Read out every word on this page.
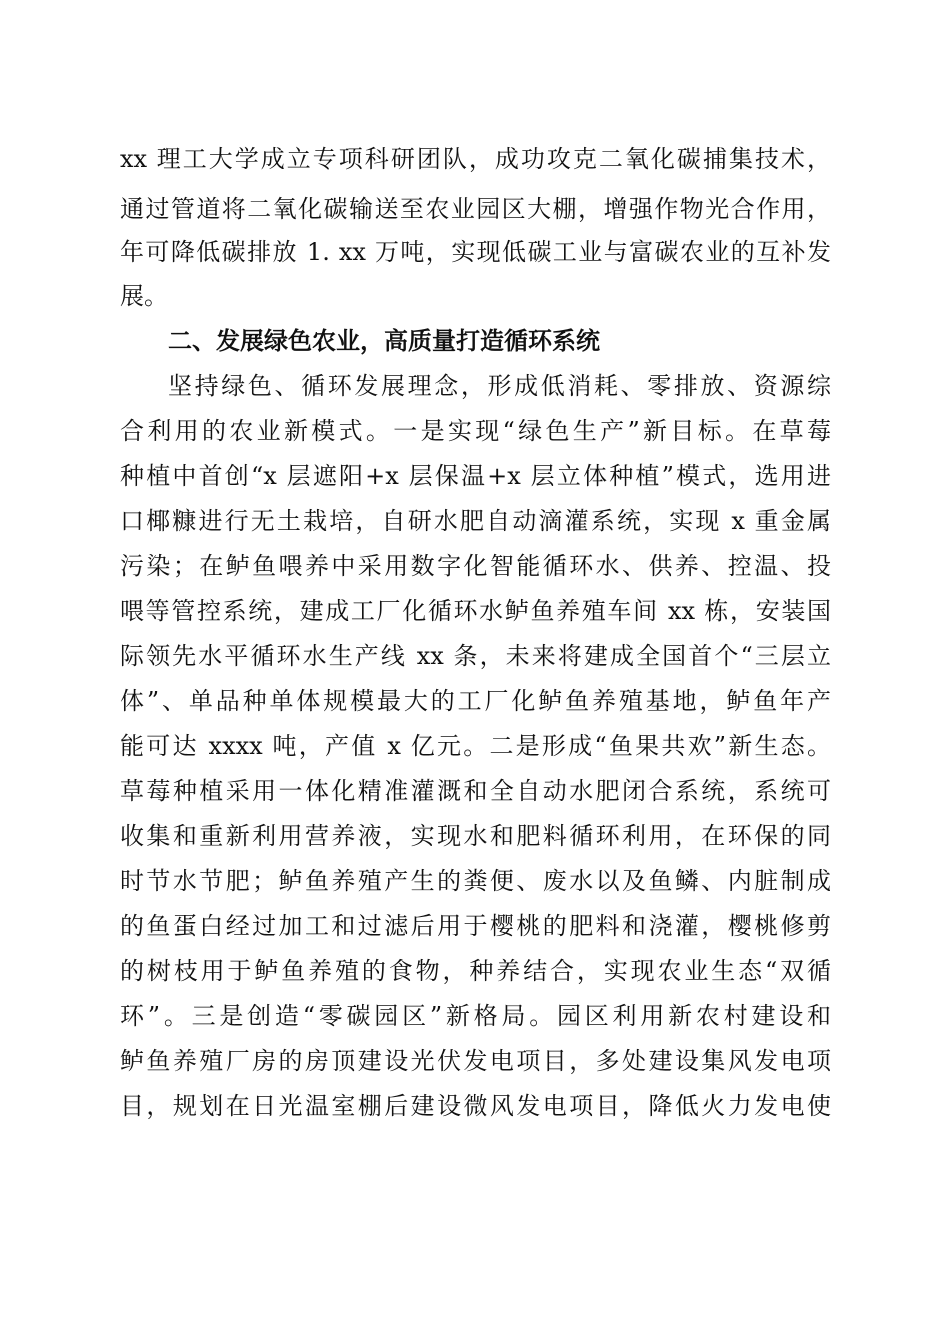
xx 理工大学成立专项科研团队，成功攻克二氧化碳捕集技术，
通过管道将二氧化碳输送至农业园区大棚，增强作物光合作用，
年可降低碳排放 1. xx 万吨，实现低碳工业与富碳农业的互补发
展。
二、发展绿色农业，高质量打造循环系统
坚持绿色、循环发展理念，形成低消耗、零排放、资源综
合利用的农业新模式。一是实现“绿色生产”新目标。在草莓
种植中首创“x 层遮阳+x 层保温+x 层立体种植”模式，选用进
口椰糠进行无土栽培，自研水肥自动滴灌系统，实现 x 重金属
污染；在鲈鱼喂养中采用数字化智能循环水、供养、控温、投
喂等管控系统，建成工厂化循环水鲈鱼养殖车间 xx 栋，安装国
际领先水平循环水生产线 xx 条，未来将建成全国首个“三层立
体”、单品种单体规模最大的工厂化鲈鱼养殖基地，鲈鱼年产
能可达 xxxx 吨，产值 x 亿元。二是形成“鱼果共欢”新生态。
草莓种植采用一体化精准灌溉和全自动水肥闭合系统，系统可
收集和重新利用营养液，实现水和肥料循环利用，在环保的同
时节水节肥；鲈鱼养殖产生的粪便、废水以及鱼鳞、内脏制成
的鱼蛋白经过加工和过滤后用于樱桃的肥料和浇灌，樱桃修剪
的树枝用于鲈鱼养殖的食物，种养结合，实现农业生态“双循
环”。三是创造“零碳园区”新格局。园区利用新农村建设和
鲈鱼养殖厂房的房顶建设光伏发电项目，多处建设集风发电项
目，规划在日光温室棚后建设微风发电项目，降低火力发电使
